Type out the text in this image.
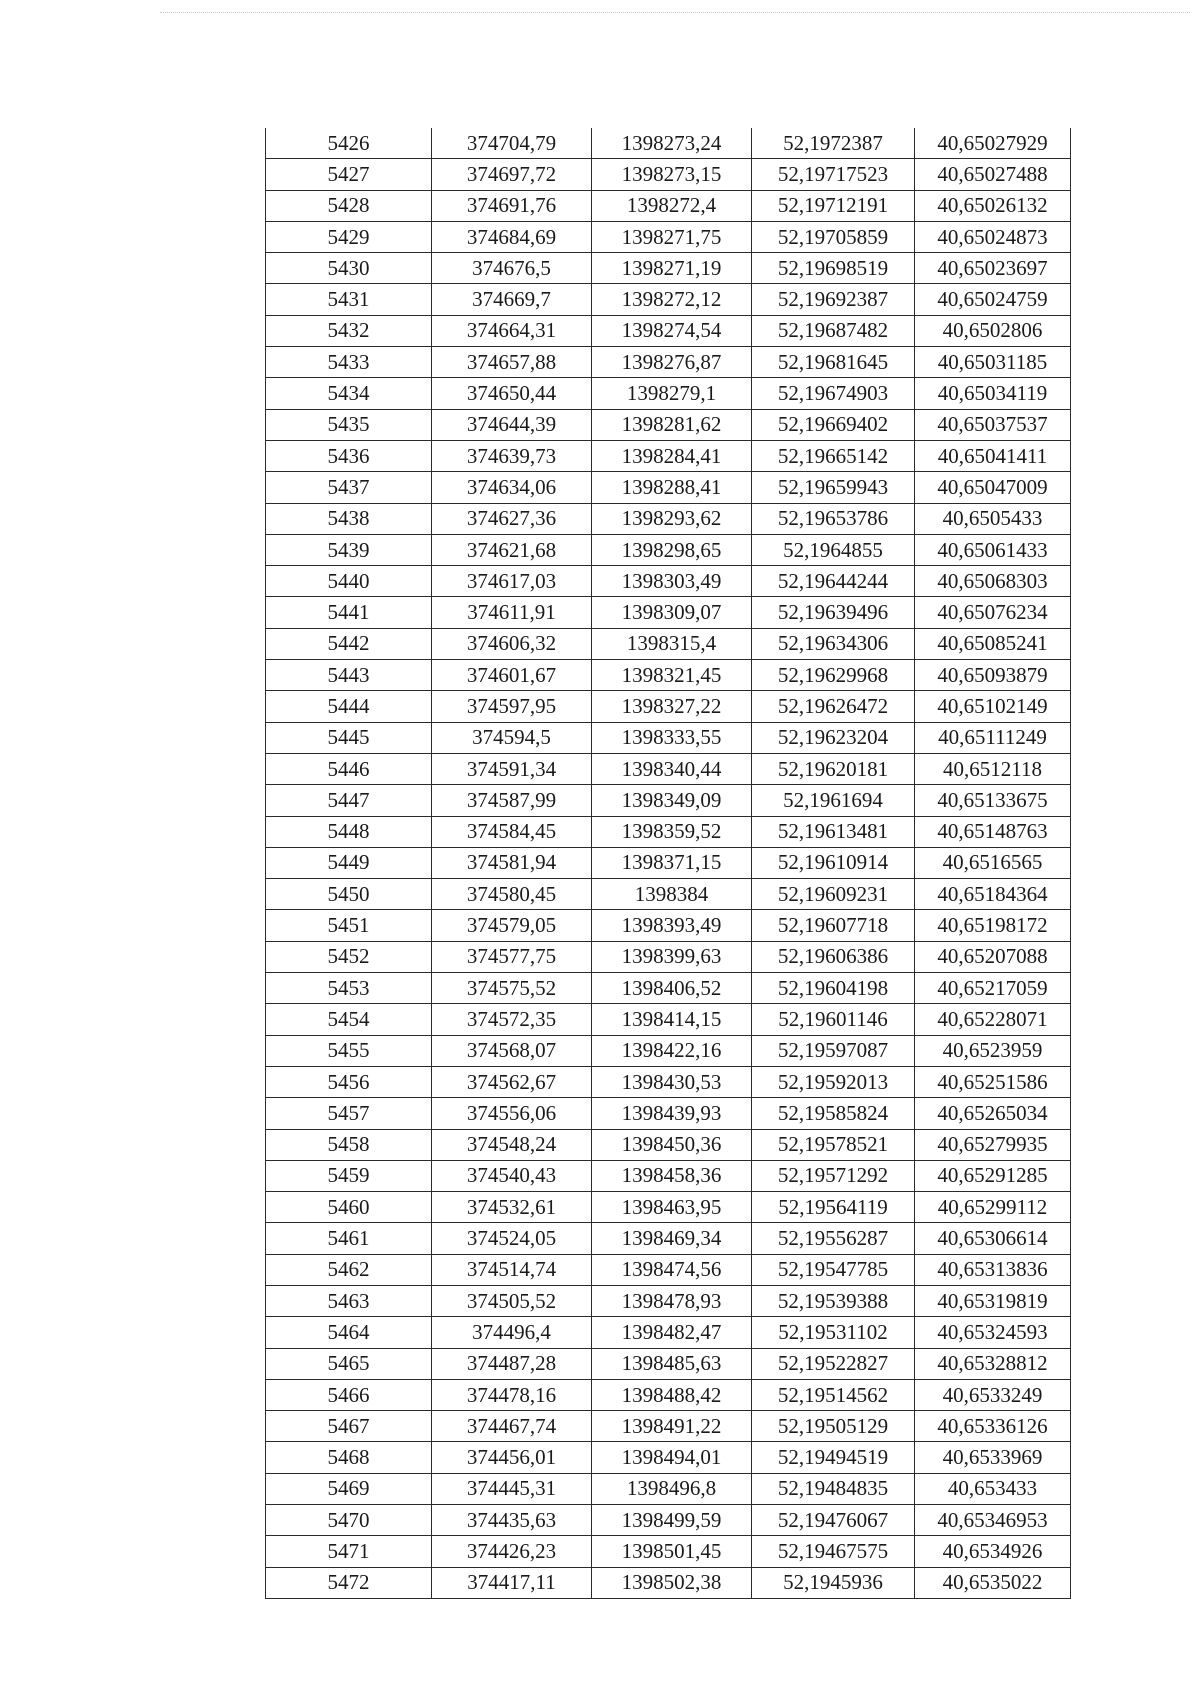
5426	374704,79	1398273,24	52,1972387	40,65027929
5427	374697,72	1398273,15	52,19717523	40,65027488
5428	374691,76	1398272,4	52,19712191	40,65026132
5429	374684,69	1398271,75	52,19705859	40,65024873
5430	374676,5	1398271,19	52,19698519	40,65023697
5431	374669,7	1398272,12	52,19692387	40,65024759
5432	374664,31	1398274,54	52,19687482	40,6502806
5433	374657,88	1398276,87	52,19681645	40,65031185
5434	374650,44	1398279,1	52,19674903	40,65034119
5435	374644,39	1398281,62	52,19669402	40,65037537
5436	374639,73	1398284,41	52,19665142	40,65041411
5437	374634,06	1398288,41	52,19659943	40,65047009
5438	374627,36	1398293,62	52,19653786	40,6505433
5439	374621,68	1398298,65	52,1964855	40,65061433
5440	374617,03	1398303,49	52,19644244	40,65068303
5441	374611,91	1398309,07	52,19639496	40,65076234
5442	374606,32	1398315,4	52,19634306	40,65085241
5443	374601,67	1398321,45	52,19629968	40,65093879
5444	374597,95	1398327,22	52,19626472	40,65102149
5445	374594,5	1398333,55	52,19623204	40,65111249
5446	374591,34	1398340,44	52,19620181	40,6512118
5447	374587,99	1398349,09	52,1961694	40,65133675
5448	374584,45	1398359,52	52,19613481	40,65148763
5449	374581,94	1398371,15	52,19610914	40,6516565
5450	374580,45	1398384	52,19609231	40,65184364
5451	374579,05	1398393,49	52,19607718	40,65198172
5452	374577,75	1398399,63	52,19606386	40,65207088
5453	374575,52	1398406,52	52,19604198	40,65217059
5454	374572,35	1398414,15	52,19601146	40,65228071
5455	374568,07	1398422,16	52,19597087	40,6523959
5456	374562,67	1398430,53	52,19592013	40,65251586
5457	374556,06	1398439,93	52,19585824	40,65265034
5458	374548,24	1398450,36	52,19578521	40,65279935
5459	374540,43	1398458,36	52,19571292	40,65291285
5460	374532,61	1398463,95	52,19564119	40,65299112
5461	374524,05	1398469,34	52,19556287	40,65306614
5462	374514,74	1398474,56	52,19547785	40,65313836
5463	374505,52	1398478,93	52,19539388	40,65319819
5464	374496,4	1398482,47	52,19531102	40,65324593
5465	374487,28	1398485,63	52,19522827	40,65328812
5466	374478,16	1398488,42	52,19514562	40,6533249
5467	374467,74	1398491,22	52,19505129	40,65336126
5468	374456,01	1398494,01	52,19494519	40,6533969
5469	374445,31	1398496,8	52,19484835	40,653433
5470	374435,63	1398499,59	52,19476067	40,65346953
5471	374426,23	1398501,45	52,19467575	40,6534926
5472	374417,11	1398502,38	52,1945936	40,6535022
